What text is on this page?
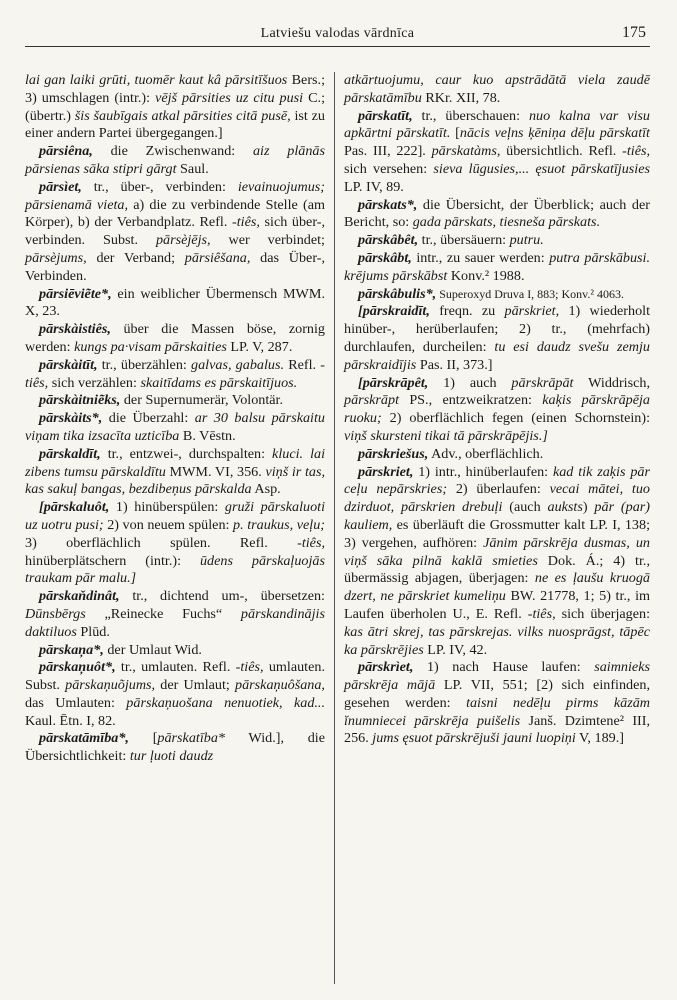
Latviešu valodas vārdnīca	175

lai gan laiki grūti, tuomēr kaut kâ pārsitīšuos Bers.; 3) umschlagen (intr.): vējš pārsities uz citu pusi C.; (übertr.) šis šaubīgais atkal pārsities citā pusē, ist zu einer andern Partei übergegangen.]

pārsiêna, die Zwischenwand: aiz plānās pārsienas sāka stipri gārgt Saul.

pārsìet, tr., über-, verbinden: ievainuojumus; pārsienamā vieta, a) die zu verbindende Stelle (am Körper), b) der Verbandplatz. Refl. -tiês, sich über-, verbinden. Subst. pārsèjējs, wer verbindet; pārsèjums, der Verband; pārsiêšana, das Über-, Verbinden.

pārsiēviẽte*, ein weiblicher Übermensch MWM. X, 23.

pārskàistiês, über die Massen böse, zornig werden: kungs pa·visam pārskaities LP. V, 287.

pārskàitīt, tr., überzählen: galvas, gabalus. Refl. -tiês, sich verzählen: skaitīdams es pārskaitījuos.

pārskàitniẽks, der Supernumerär, Volontär.

pārskàits*, die Überzahl: ar 30 balsu pārskaitu viņam tika izsacīta uzticība B. Vēstn.

pārskaldīt, tr., entzwei-, durchspalten: kluci. lai zibens tumsu pārskaldītu MWM. VI, 356. viņš ir tas, kas sakuļ bangas, bezdibeņus pārskalda Asp.

[pārskaluôt, 1) hinüberspülen: gruži pārskaluoti uz uotru pusi; 2) von neuem spülen: p. traukus, veļu; 3) oberflächlich spülen. Refl. -tiês, hinüberplätschern (intr.): ūdens pārskaļuojās traukam pār malu.]

pārskaňdinât, tr., dichtend um-, übersetzen: Dūnsbērgs „Reinecke Fuchs“ pārskandinājis daktiluos Plūd.

pārskaņa*, der Umlaut Wid.

pārskaņuôt*, tr., umlauten. Refl. -tiês, umlauten. Subst. pārskaņuõjums, der Umlaut; pārskaņuôšana, das Umlauten: pārskaņuošana nenuotiek, kad... Kaul. Ētn. I, 82.

pārskatāmība*, [pārskatība* Wid.], die Übersichtlichkeit: tur ļuoti daudz

atkārtuojumu, caur kuo apstrādātā viela zaudē pārskatāmību RKr. XII, 78.

pārskatīt, tr., überschauen: nuo kalna var visu apkārtni pārskatīt. [nācis veļns ķēniņa dēļu pārskatīt Pas. III, 222]. pārskatàms, übersichtlich. Refl. -tiês, sich versehen: sieva lūgusies,... ęsuot pārskatījusies LP. IV, 89.

pārskats*, die Übersicht, der Überblick; auch der Bericht, so: gada pārskats, tiesneša pārskats.

pārskâbêt, tr., übersäuern: putru.

pārskâbt, intr., zu sauer werden: putra pārskābusi. krējums pārskābst Konv.² 1988.

pārskâbulis*, Superoxyd Druva I, 883; Konv.² 4063.

[pārskraidīt, freqn. zu pārskriet, 1) wiederholt hinüber-, herüberlaufen; 2) tr., (mehrfach) durchlaufen, durcheilen: tu esi daudz svešu zemju pārskraidījis Pas. II, 373.]

[pārskrāpêt, 1) auch pārskrāpāt Widdrisch, pārskrāpt PS., entzweikratzen: kaķis pārskrāpēja ruoku; 2) oberflächlich fegen (einen Schornstein): viņš skursteni tikai tā pārskrāpējis.]

pārskriešus, Adv., oberflächlich.

pārskriet, 1) intr., hinüberlaufen: kad tik zaķis pār ceļu nepārskries; 2) überlaufen: vecai mātei, tuo dzirduot, pārskrien drebuļi (auch auksts) pār (par) kauliem, es überläuft die Grossmutter kalt LP. I, 138; 3) vergehen, aufhören: Jānim pārskrēja dusmas, un viņš sāka pilnā kaklā smieties Dok. Á.; 4) tr., übermässig abjagen, überjagen: ne es ļaušu kruogā dzert, ne pārskriet kumeliņu BW. 21778, 1; 5) tr., im Laufen überholen U., E. Refl. -tiês, sich überjagen: kas ātri skrej, tas pārskrejas. vilks nuosprāgst, tāpēc ka pārskrējies LP. IV, 42.

pārskrìet, 1) nach Hause laufen: saimnieks pārskrēja mājā LP. VII, 551; [2) sich einfinden, gesehen werden: taisni nedēļu pirms kāzām ĭnumniecei pārskrēja puišelis Janš. Dzimtene² III, 256. jums ęsuot pārskrējuši jauni luopiņi V, 189.]
